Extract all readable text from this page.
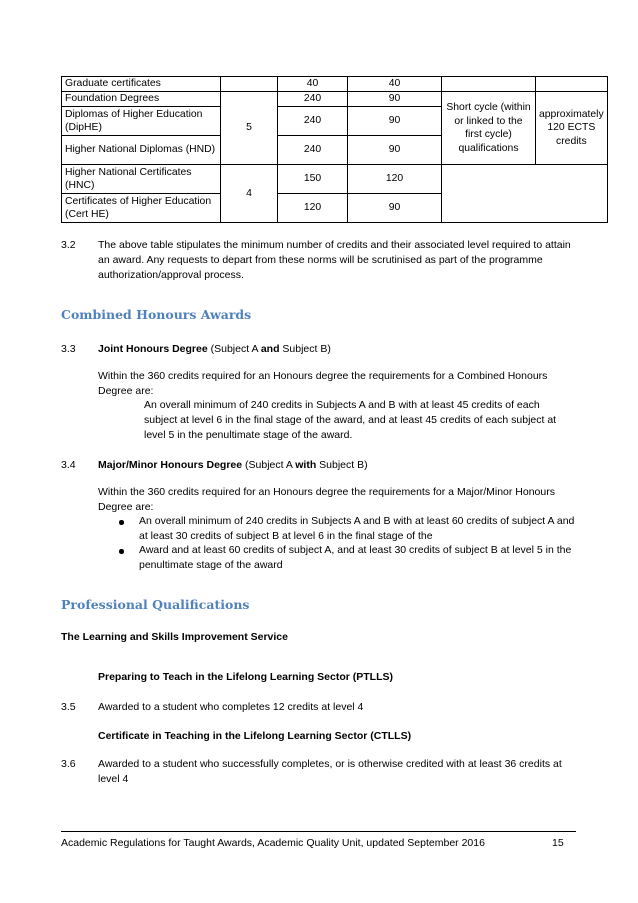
Graduate certificates		40	40		
Foundation Degrees	5	240	90	Short cycle (within or linked to the first cycle) qualifications	approximately 120 ECTS credits
Diplomas of Higher Education (DipHE)		240	90		
Higher National Diplomas (HND)		240	90		
Higher National Certificates (HNC)	4	150	120		
Certificates of Higher Education (Cert HE)		120	90		
3.2 The above table stipulates the minimum number of credits and their associated level required to attain an award. Any requests to depart from these norms will be scrutinised as part of the programme authorization/approval process.
Combined Honours Awards
3.3 Joint Honours Degree (Subject A and Subject B)
Within the 360 credits required for an Honours degree the requirements for a Combined Honours Degree are:
An overall minimum of 240 credits in Subjects A and B with at least 45 credits of each subject at level 6 in the final stage of the award, and at least 45 credits of each subject at level 5 in the penultimate stage of the award.
3.4 Major/Minor Honours Degree (Subject A with Subject B)
Within the 360 credits required for an Honours degree the requirements for a Major/Minor Honours Degree are:
An overall minimum of 240 credits in Subjects A and B with at least 60 credits of subject A and at least 30 credits of subject B at level 6 in the final stage of the
Award and at least 60 credits of subject A, and at least 30 credits of subject B at level 5 in the penultimate stage of the award
Professional Qualifications
The Learning and Skills Improvement Service
Preparing to Teach in the Lifelong Learning Sector (PTLLS)
3.5 Awarded to a student who completes 12 credits at level 4
Certificate in Teaching in the Lifelong Learning Sector (CTLLS)
3.6 Awarded to a student who successfully completes, or is otherwise credited with at least 36 credits at level 4
Academic Regulations for Taught Awards, Academic Quality Unit, updated September 2016	15
